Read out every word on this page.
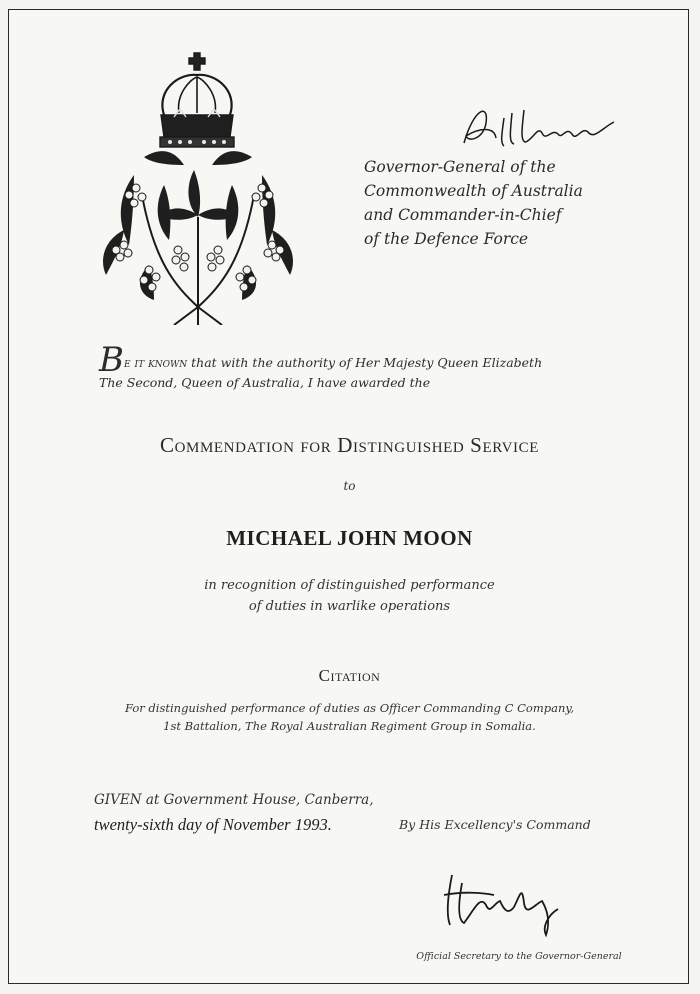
Governor-General of the
Commonwealth of Australia
and Commander-in-Chief
of the Defence Force
Be it known that with the authority of Her Majesty Queen Elizabeth
The Second, Queen of Australia, I have awarded the
Commendation for Distinguished Service
to
MICHAEL JOHN MOON
in recognition of distinguished performance
of duties in warlike operations
Citation
For distinguished performance of duties as Officer Commanding C Company,
1st Battalion, The Royal Australian Regiment Group in Somalia.
GIVEN at Government House, Canberra,
twenty-sixth day of November 1993.	By His Excellency's Command
Official Secretary to the Governor-General
